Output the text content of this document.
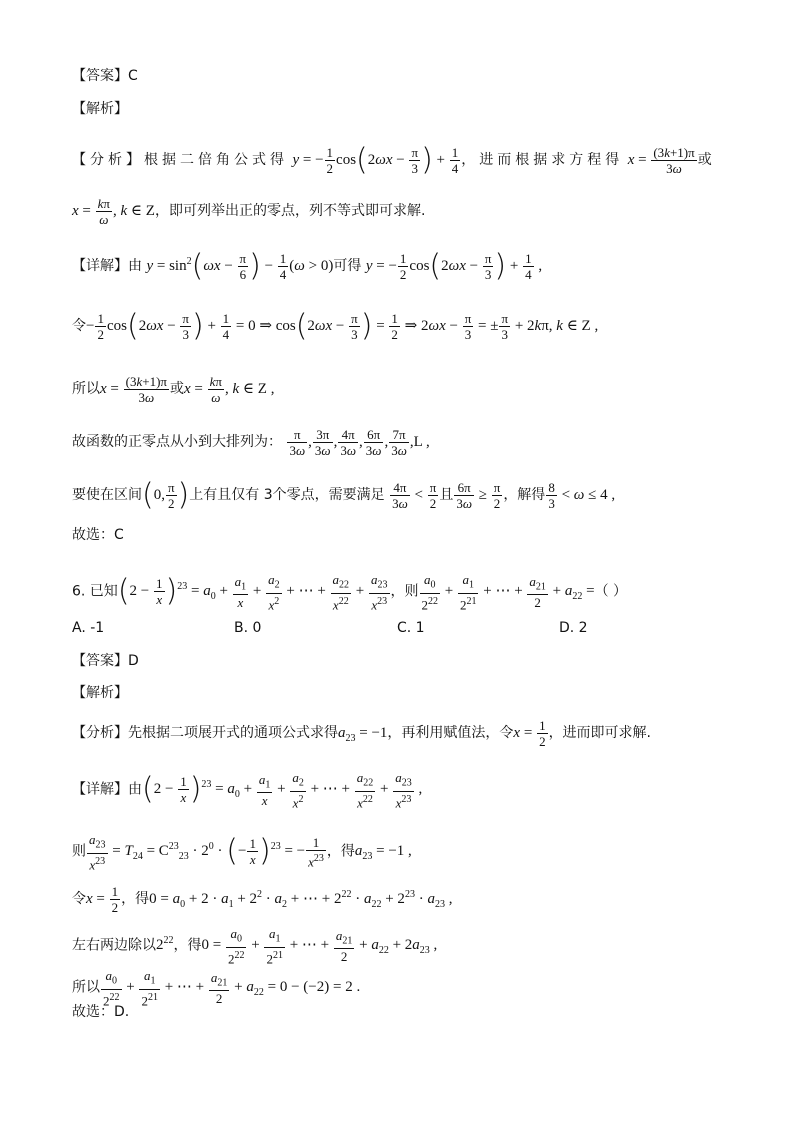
【答案】C
【解析】
【分析】根据二倍角公式得 y = − $\frac{1}{2} \cos(2\omega x - \frac{\pi}{3}$ ) + $\frac{1}{4}$ ，进而根据求方程得 $x = \frac{(3k+1)\pi}{3\omega}$ 或
$x = \frac{k\pi}{\omega}$ , k ∈ Z，即可列举出正的零点，列不等式即可求解.
【详解】由 $y = \sin^2(\omega x - \frac{\pi}{6}$ ) − $\frac{1}{4} (\omega > 0)$可得 y = − $\frac{1}{2} \cos(2\omega x - \frac{\pi}{3}$ ) + $\frac{1}{4}$ ,
令− $\frac{1}{2} \cos(2\omega x - \frac{\pi}{3}$ ) + $\frac{1}{4} = 0$ ⇒ $\cos(2\omega x - \frac{\pi}{3}$ ) = $\frac{1}{2}$ ⇒ $2\omega x - \frac{\pi}{3}$ = ± $\frac{\pi}{3} + 2k\pi$, k ∈ Z ,
所以$x = \frac{(3k+1)\pi}{3\omega}$ 或$x = \frac{k\pi}{\omega}$ , k ∈ Z ,
故函数的正零点从小到大排列为： $\frac{\pi}{3\omega}$ , $\frac{3\pi}{3\omega}$ , $\frac{4\pi}{3\omega}$ , $\frac{6\pi}{3\omega}$ , $\frac{7\pi}{3\omega} ,L$ ,
要使在区间(0, $\frac{\pi}{2}$ )上有且仅有 3个零点，需要满足 $\frac{4\pi}{3\omega} < \frac{\pi}{2}$ 且 $\frac{6\pi}{3\omega} \ge \frac{\pi}{2}$ ，解得 $\frac{8}{3} < \omega \le 4$ ,
故选：C
6. 已知$(2 - \frac{1}{x} )^{23} = a_0 + \frac{a_1}{x} + \frac{a_2}{x^2}$ + ⋯ + $\frac{a_{22}}{x^{22}} + \frac{a_{23}}{x^{23}}$ ，则 $\frac{a_0}{2^{22}} + \frac{a_1}{2^{21}}$ + ⋯ + $\frac{a_{21}}{2} + a_{22}$ =（ ）
A. -1	B. 0	C. 1	D. 2
【答案】D
【解析】
【分析】先根据二项展开式的通项公式求得$a_{23} = -1$，再利用赋值法，令$x = \frac{1}{2}$ ，进而即可求解.
【详解】由$(2 - \frac{1}{x} )^{23} = a_0 + \frac{a_1}{x} + \frac{a_2}{x^2}$ + ⋯ + $\frac{a_{22}}{x^{22}} + \frac{a_{23}}{x^{23}}$ ,
则 $\frac{a_{23}}{x^{23}} = T_{24} = C^{23}_{23} \cdot 2^0$ · (− $\frac{1}{x} )^{23}$ = − $\frac{1}{x^{23}}$ ，得$a_{23} = -1$ ,
令$x = \frac{1}{2}$ ，得$0 = a_0 + 2 \cdot a_1 + 2^2 \cdot a_2$ + ⋯ + $2^{22} \cdot a_{22} + 2^{23} \cdot a_{23}$ ,
左右两边除以$2^{22}$，得$0 = \frac{a_0}{2^{22}} + \frac{a_1}{2^{21}}$ + ⋯ + $\frac{a_{21}}{2} + a_{22} + 2a_{23}$ ,
所以 $\frac{a_0}{2^{22}} + \frac{a_1}{2^{21}}$ + ⋯ + $\frac{a_{21}}{2} + a_{22} = 0 - (-2) = 2$ .
故选：D.
